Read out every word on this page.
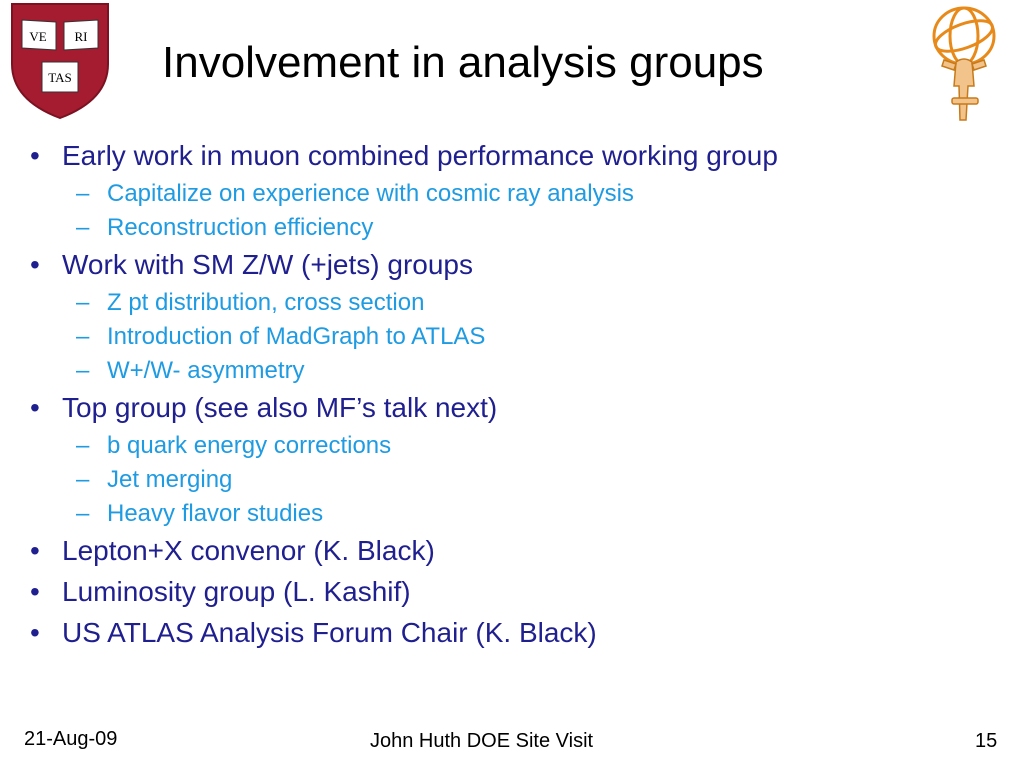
VE RI
TAS Involvement in analysis groups
• Early work in muon combined performance working group
– Capitalize on experience with cosmic ray analysis
– Reconstruction efficiency
• Work with SM Z/W (+jets) groups
– Z pt distribution, cross section
– Introduction of MadGraph to ATLAS
– W+/W- asymmetry
• Top group (see also MF’s talk next)
– b quark energy corrections
– Jet merging
– Heavy flavor studies
• Lepton+X convenor (K. Black)
• Luminosity group (L. Kashif)
• US ATLAS Analysis Forum Chair (K. Black)
21-Aug-09	John Huth DOE Site Visit	15
